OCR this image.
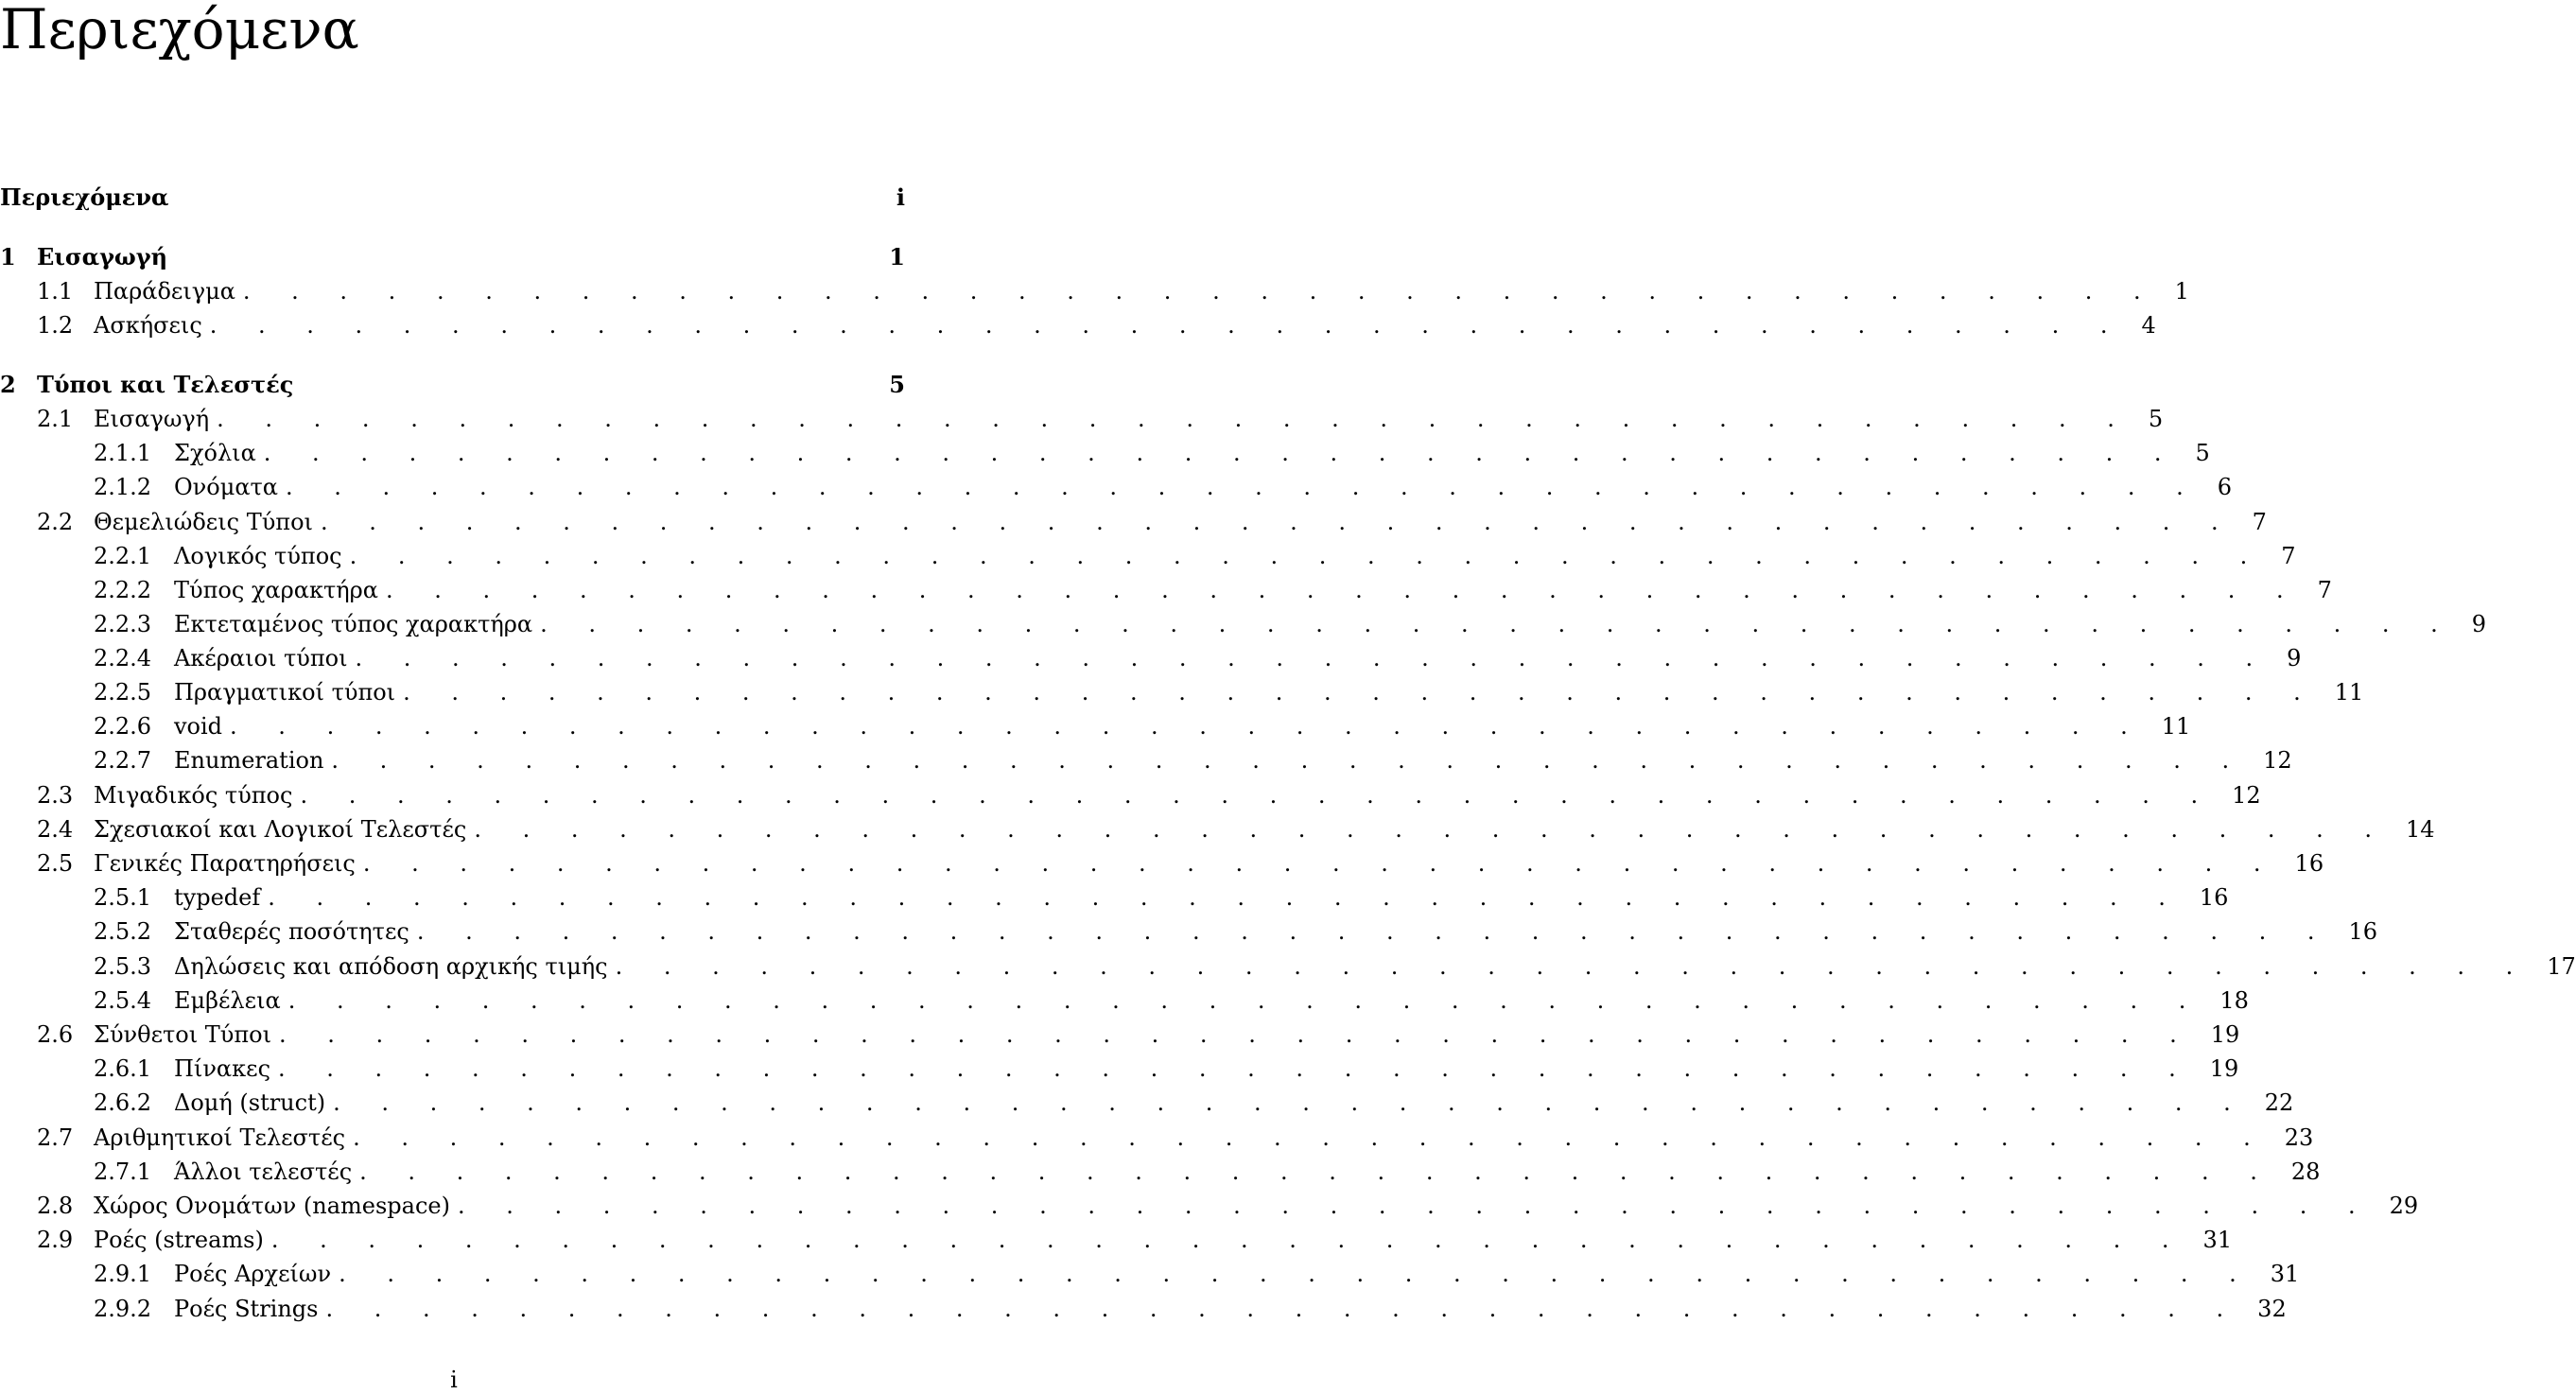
Περιεχόμενα
Περιεχόμενα	i
1 Εισαγωγή	1
1.1 Παράδειγμα . . . . . . . . . . . . . . . . . . . . . . . . . . . . . . . . . . . . . . . . 1
1.2 Ασκήσεις . . . . . . . . . . . . . . . . . . . . . . . . . . . . . . . . . . . . . . . . 4
2 Τύποι και Τελεστές	5
2.1 Εισαγωγή . . . . . . . . . . . . . . . . . . . . . . . . . . . . . . . . . . . . . . . . 5
2.1.1 Σχόλια . . . . . . . . . . . . . . . . . . . . . . . . . . . . . . . . . . . . . . . . 5
2.1.2 Ονόματα . . . . . . . . . . . . . . . . . . . . . . . . . . . . . . . . . . . . . . . . 6
2.2 Θεμελιώδεις Τύποι . . . . . . . . . . . . . . . . . . . . . . . . . . . . . . . . . . . . . . . . 7
2.2.1 Λογικός τύπος . . . . . . . . . . . . . . . . . . . . . . . . . . . . . . . . . . . . . . . . 7
2.2.2 Τύπος χαρακτήρα . . . . . . . . . . . . . . . . . . . . . . . . . . . . . . . . . . . . . . . . 7
2.2.3 Εκτεταμένος τύπος χαρακτήρα . . . . . . . . . . . . . . . . . . . . . . . . . . . . . . . . . . . . . . . . 9
2.2.4 Ακέραιοι τύποι . . . . . . . . . . . . . . . . . . . . . . . . . . . . . . . . . . . . . . . . 9
2.2.5 Πραγματικοί τύποι . . . . . . . . . . . . . . . . . . . . . . . . . . . . . . . . . . . . . . . . 11
2.2.6 void . . . . . . . . . . . . . . . . . . . . . . . . . . . . . . . . . . . . . . . . 11
2.2.7 Enumeration . . . . . . . . . . . . . . . . . . . . . . . . . . . . . . . . . . . . . . . . 12
2.3 Μιγαδικός τύπος . . . . . . . . . . . . . . . . . . . . . . . . . . . . . . . . . . . . . . . . 12
2.4 Σχεσιακοί και Λογικοί Τελεστές . . . . . . . . . . . . . . . . . . . . . . . . . . . . . . . . . . . . . . . . 14
2.5 Γενικές Παρατηρήσεις . . . . . . . . . . . . . . . . . . . . . . . . . . . . . . . . . . . . . . . . 16
2.5.1 typedef . . . . . . . . . . . . . . . . . . . . . . . . . . . . . . . . . . . . . . . . 16
2.5.2 Σταθερές ποσότητες . . . . . . . . . . . . . . . . . . . . . . . . . . . . . . . . . . . . . . . . 16
2.5.3 Δηλώσεις και απόδοση αρχικής τιμής . . . . . . . . . . . . . . . . . . . . . . . . . . . . . . . . . . . . . . . . 17
2.5.4 Εμβέλεια . . . . . . . . . . . . . . . . . . . . . . . . . . . . . . . . . . . . . . . . 18
2.6 Σύνθετοι Τύποι . . . . . . . . . . . . . . . . . . . . . . . . . . . . . . . . . . . . . . . . 19
2.6.1 Πίνακες . . . . . . . . . . . . . . . . . . . . . . . . . . . . . . . . . . . . . . . . 19
2.6.2 Δομή (struct) . . . . . . . . . . . . . . . . . . . . . . . . . . . . . . . . . . . . . . . . 22
2.7 Αριθμητικοί Τελεστές . . . . . . . . . . . . . . . . . . . . . . . . . . . . . . . . . . . . . . . . 23
2.7.1 Άλλοι τελεστές . . . . . . . . . . . . . . . . . . . . . . . . . . . . . . . . . . . . . . . . 28
2.8 Χώρος Ονομάτων (namespace) . . . . . . . . . . . . . . . . . . . . . . . . . . . . . . . . . . . . . . . . 29
2.9 Ροές (streams) . . . . . . . . . . . . . . . . . . . . . . . . . . . . . . . . . . . . . . . . 31
2.9.1 Ροές Αρχείων . . . . . . . . . . . . . . . . . . . . . . . . . . . . . . . . . . . . . . . . 31
2.9.2 Ροές Strings . . . . . . . . . . . . . . . . . . . . . . . . . . . . . . . . . . . . . . . . 32
i
